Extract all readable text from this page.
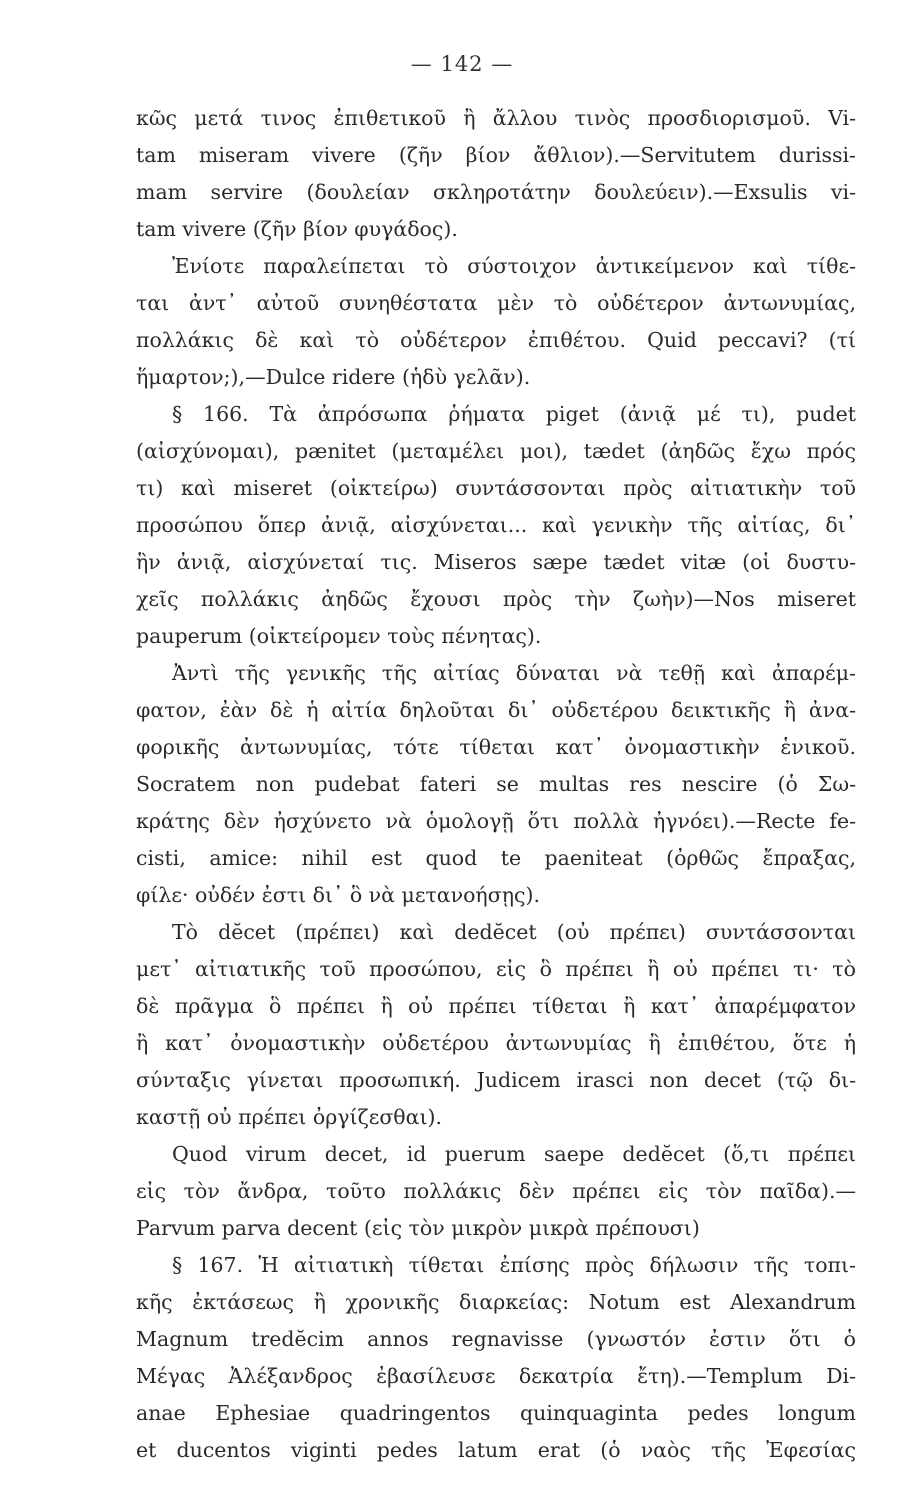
— 142 —
κῶς μετά τινος ἐπιθετικοῦ ἢ ἄλλου τινὸς προσδιορισμοῦ. Vi-
tam miseram vivere (ζῆν βίον ἄθλιον).—Servitutem durissi-
mam servire (δουλείαν σκληροτάτην δουλεύειν).—Exsulis vi-
tam vivere (ζῆν βίον φυγάδος).
Ἐνίοτε παραλείπεται τὸ σύστοιχον ἀντικείμενον καὶ τίθε-
ται ἀντ᾽ αὐτοῦ συνηθέστατα μὲν τὸ οὐδέτερον ἀντωνυμίας,
πολλάκις δὲ καὶ τὸ οὐδέτερον ἐπιθέτου. Quid peccavi? (τί
ἥμαρτον;),—Dulce ridere (ἡδὺ γελᾶν).
§ 166. Τὰ ἀπρόσωπα ῥήματα piget (ἀνιᾷ μέ τι), pudet
(αἰσχύνομαι), pænitet (μεταμέλει μοι), tædet (ἀηδῶς ἔχω πρός
τι) καὶ miseret (οἰκτείρω) συντάσσονται πρὸς αἰτιατικὴν τοῦ
προσώπου ὅπερ ἀνιᾷ, αἰσχύνεται... καὶ γενικὴν τῆς αἰτίας, δι᾽
ἣν ἀνιᾷ, αἰσχύνεταί τις. Miseros sæpe tædet vitæ (οἱ δυστυ-
χεῖς πολλάκις ἀηδῶς ἔχουσι πρὸς τὴν ζωὴν)—Nos miseret
pauperum (οἰκτείρομεν τοὺς πένητας).
Ἀντὶ τῆς γενικῆς τῆς αἰτίας δύναται νὰ τεθῇ καὶ ἀπαρέμ-
φατον, ἐὰν δὲ ἡ αἰτία δηλοῦται δι᾽ οὐδετέρου δεικτικῆς ἢ ἀνα-
φορικῆς ἀντωνυμίας, τότε τίθεται κατ᾽ ὀνομαστικὴν ἑνικοῦ.
Socratem non pudebat fateri se multas res nescire (ὁ Σω-
κράτης δὲν ἠσχύνετο νὰ ὁμολογῇ ὅτι πολλὰ ἠγνόει).—Recte fe-
cisti, amice: nihil est quod te paeniteat (ὀρθῶς ἔπραξας,
φίλε· οὐδέν ἐστι δι᾽ ὃ νὰ μετανοήσῃς).
Τὸ dĕcet (πρέπει) καὶ dedĕcet (οὐ πρέπει) συντάσσονται
μετ᾽ αἰτιατικῆς τοῦ προσώπου, εἰς ὃ πρέπει ἢ οὐ πρέπει τι· τὸ
δὲ πρᾶγμα ὃ πρέπει ἢ οὐ πρέπει τίθεται ἢ κατ᾽ ἀπαρέμφατον
ἢ κατ᾽ ὀνομαστικὴν οὐδετέρου ἀντωνυμίας ἢ ἐπιθέτου, ὅτε ἡ
σύνταξις γίνεται προσωπική. Judicem irasci non decet (τῷ δι-
καστῇ οὐ πρέπει ὀργίζεσθαι).
Quod virum decet, id puerum saepe dedĕcet (ὅ,τι πρέπει
εἰς τὸν ἄνδρα, τοῦτο πολλάκις δὲν πρέπει εἰς τὸν παῖδα).—
Parvum parva decent (εἰς τὸν μικρὸν μικρὰ πρέπουσι)
§ 167. Ἡ αἰτιατικὴ τίθεται ἐπίσης πρὸς δήλωσιν τῆς τοπι-
κῆς ἐκτάσεως ἢ χρονικῆς διαρκείας: Notum est Alexandrum
Magnum tredĕcim annos regnavisse (γνωστόν ἐστιν ὅτι ὁ
Μέγας Ἀλέξανδρος ἐβασίλευσε δεκατρία ἔτη).—Templum Di-
anae Ephesiae quadringentos quinquaginta pedes longum
et ducentos viginti pedes latum erat (ὁ ναὸς τῆς Ἐφεσίας
